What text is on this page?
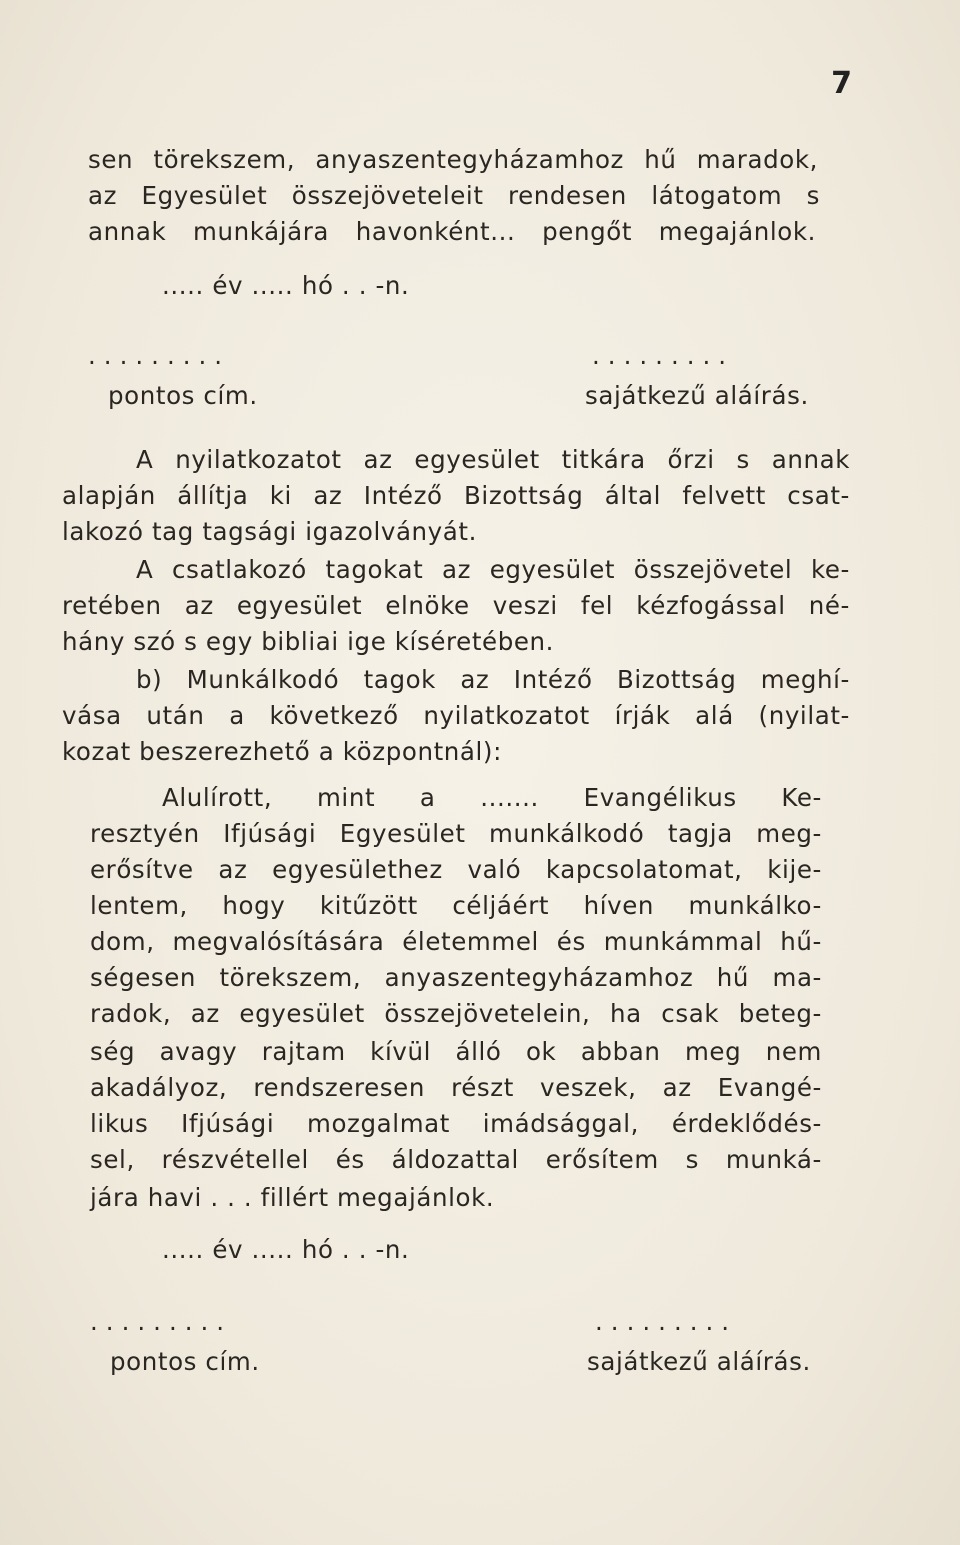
7
sen törekszem, anyaszentegyházamhoz hű maradok,
az Egyesület összejöveteleit rendesen látogatom s
annak munkájára havonként... pengőt megajánlok.
..... év ..... hó . . -n.
.........	.........
pontos cím.	sajátkezű aláírás.
A nyilatkozatot az egyesület titkára őrzi s annak
alapján állítja ki az Intéző Bizottság által felvett csat-
lakozó tag tagsági igazolványát.
A csatlakozó tagokat az egyesület összejövetel ke-
retében az egyesület elnöke veszi fel kézfogással né-
hány szó s egy bibliai ige kíséretében.
b) Munkálkodó tagok az Intéző Bizottság meghí-
vása után a következő nyilatkozatot írják alá (nyilat-
kozat beszerezhető a központnál):
Alulírott, mint a ....... Evangélikus Ke-
resztyén Ifjúsági Egyesület munkálkodó tagja meg-
erősítve az egyesülethez való kapcsolatomat, kije-
lentem, hogy kitűzött céljáért híven munkálko-
dom, megvalósítására életemmel és munkámmal hű-
ségesen törekszem, anyaszentegyházamhoz hű ma-
radok, az egyesület összejövetelein, ha csak beteg-
ség avagy rajtam kívül álló ok abban meg nem
akadályoz, rendszeresen részt veszek, az Evangé-
likus Ifjúsági mozgalmat imádsággal, érdeklődés-
sel, részvétellel és áldozattal erősítem s munká-
jára havi . . . fillért megajánlok.
..... év ..... hó . . -n.
.........	.........
pontos cím.	sajátkezű aláírás.
